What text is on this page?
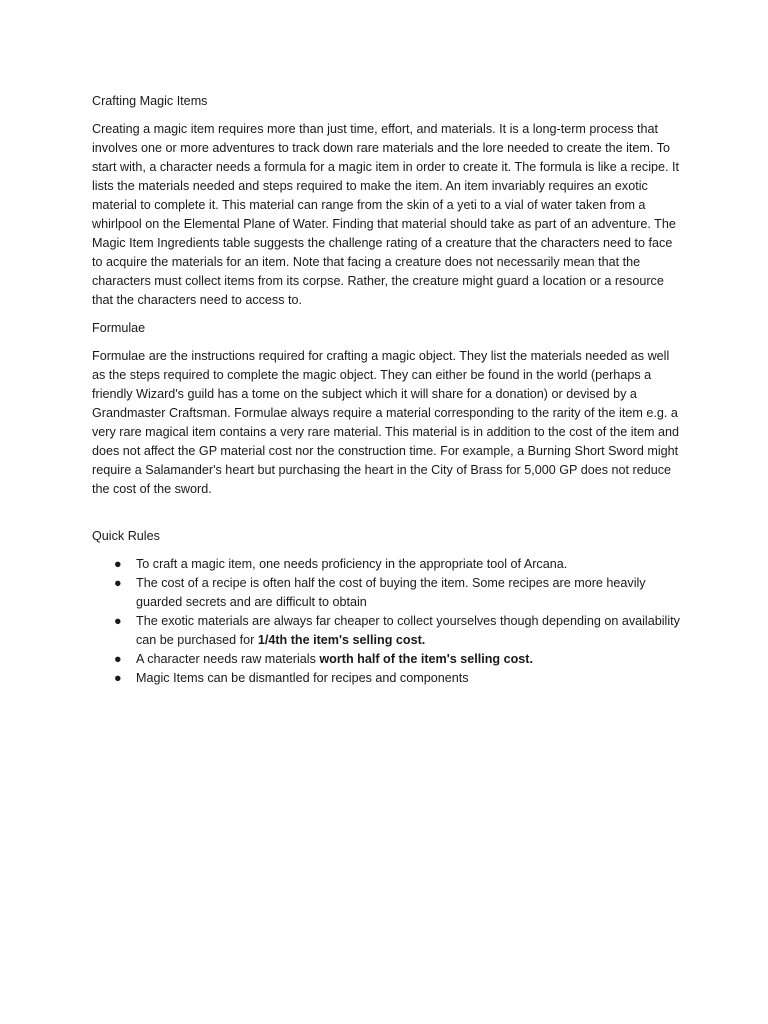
Crafting Magic Items
Creating a magic item requires more than just time, effort, and materials. It is a long-term process that involves one or more adventures to track down rare materials and the lore needed to create the item. To start with, a character needs a formula for a magic item in order to create it. The formula is like a recipe. It lists the materials needed and steps required to make the item. An item invariably requires an exotic material to complete it. This material can range from the skin of a yeti to a vial of water taken from a whirlpool on the Elemental Plane of Water. Finding that material should take as part of an adventure. The Magic Item Ingredients table suggests the challenge rating of a creature that the characters need to face to acquire the materials for an item. Note that facing a creature does not necessarily mean that the characters must collect items from its corpse. Rather, the creature might guard a location or a resource that the characters need to access to.
Formulae
Formulae are the instructions required for crafting a magic object. They list the materials needed as well as the steps required to complete the magic object. They can either be found in the world (perhaps a friendly Wizard's guild has a tome on the subject which it will share for a donation) or devised by a Grandmaster Craftsman. Formulae always require a material corresponding to the rarity of the item e.g. a very rare magical item contains a very rare material. This material is in addition to the cost of the item and does not affect the GP material cost nor the construction time. For example, a Burning Short Sword might require a Salamander's heart but purchasing the heart in the City of Brass for 5,000 GP does not reduce the cost of the sword.
Quick Rules
●	To craft a magic item, one needs proficiency in the appropriate tool of Arcana.
●	The cost of a recipe is often half the cost of buying the item. Some recipes are more heavily guarded secrets and are difficult to obtain
●	The exotic materials are always far cheaper to collect yourselves though depending on availability can be purchased for 1/4th the item's selling cost.
●	A character needs raw materials worth half of the item's selling cost.
●	Magic Items can be dismantled for recipes and components
